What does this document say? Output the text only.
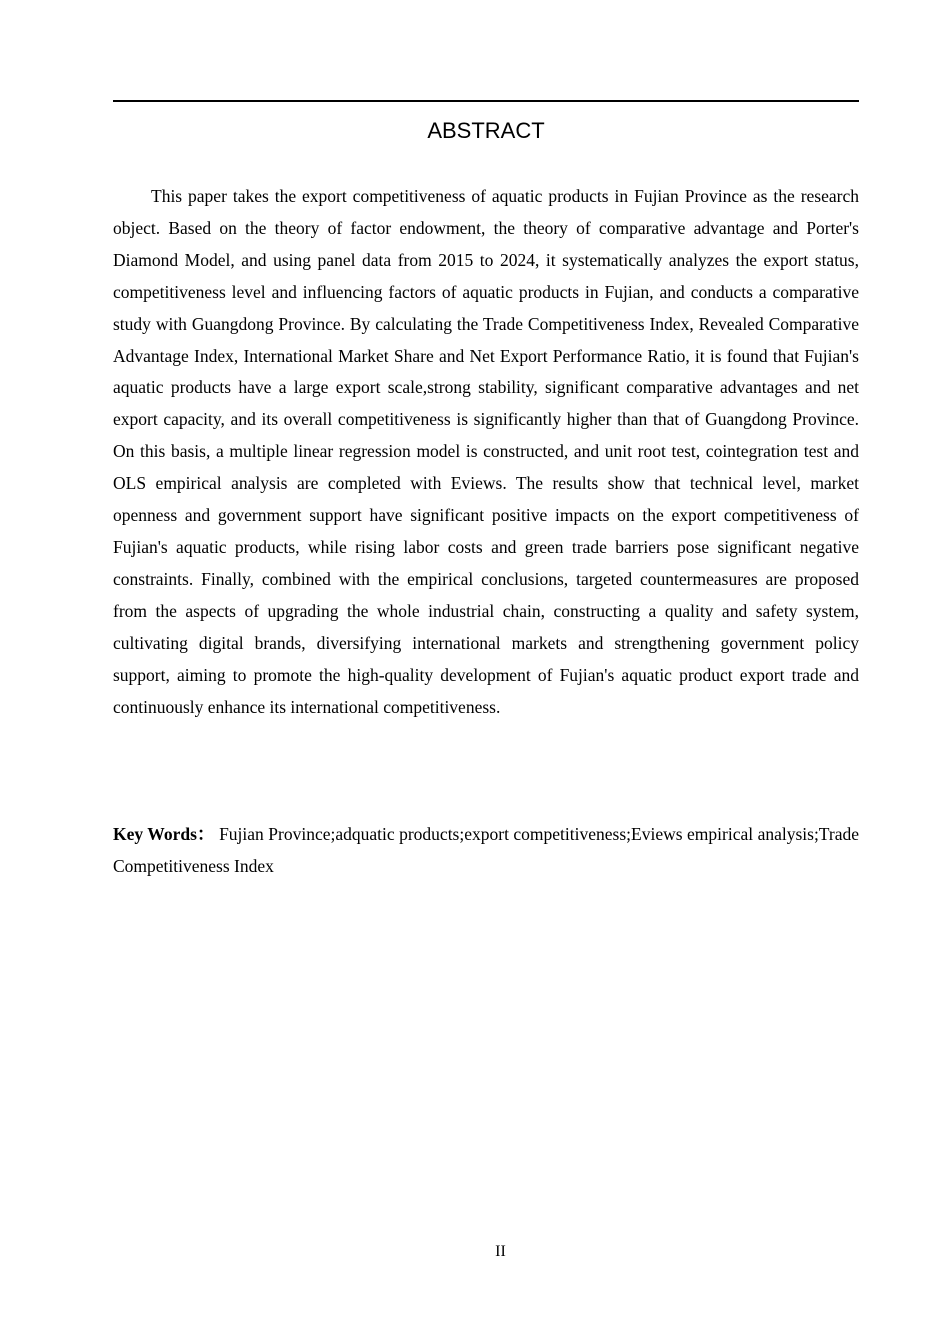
ABSTRACT

This paper takes the export competitiveness of aquatic products in Fujian Province as the research object. Based on the theory of factor endowment, the theory of comparative advantage and Porter's Diamond Model, and using panel data from 2015 to 2024, it systematically analyzes the export status, competitiveness level and influencing factors of aquatic products in Fujian, and conducts a comparative study with Guangdong Province. By calculating the Trade Competitiveness Index, Revealed Comparative Advantage Index, International Market Share and Net Export Performance Ratio, it is found that Fujian's aquatic products have a large export scale,strong stability, significant comparative advantages and net export capacity, and its overall competitiveness is significantly higher than that of Guangdong Province. On this basis, a multiple linear regression model is constructed, and unit root test, cointegration test and OLS empirical analysis are completed with Eviews. The results show that technical level, market openness and government support have significant positive impacts on the export competitiveness of Fujian's aquatic products, while rising labor costs and green trade barriers pose significant negative constraints. Finally, combined with the empirical conclusions, targeted countermeasures are proposed from the aspects of upgrading the whole industrial chain, constructing a quality and safety system, cultivating digital brands, diversifying international markets and strengthening government policy support, aiming to promote the high-quality development of Fujian's aquatic product export trade and continuously enhance its international competitiveness.

Key Words： Fujian Province;adquatic products;export competitiveness;Eviews empirical analysis;Trade Competitiveness Index

II
